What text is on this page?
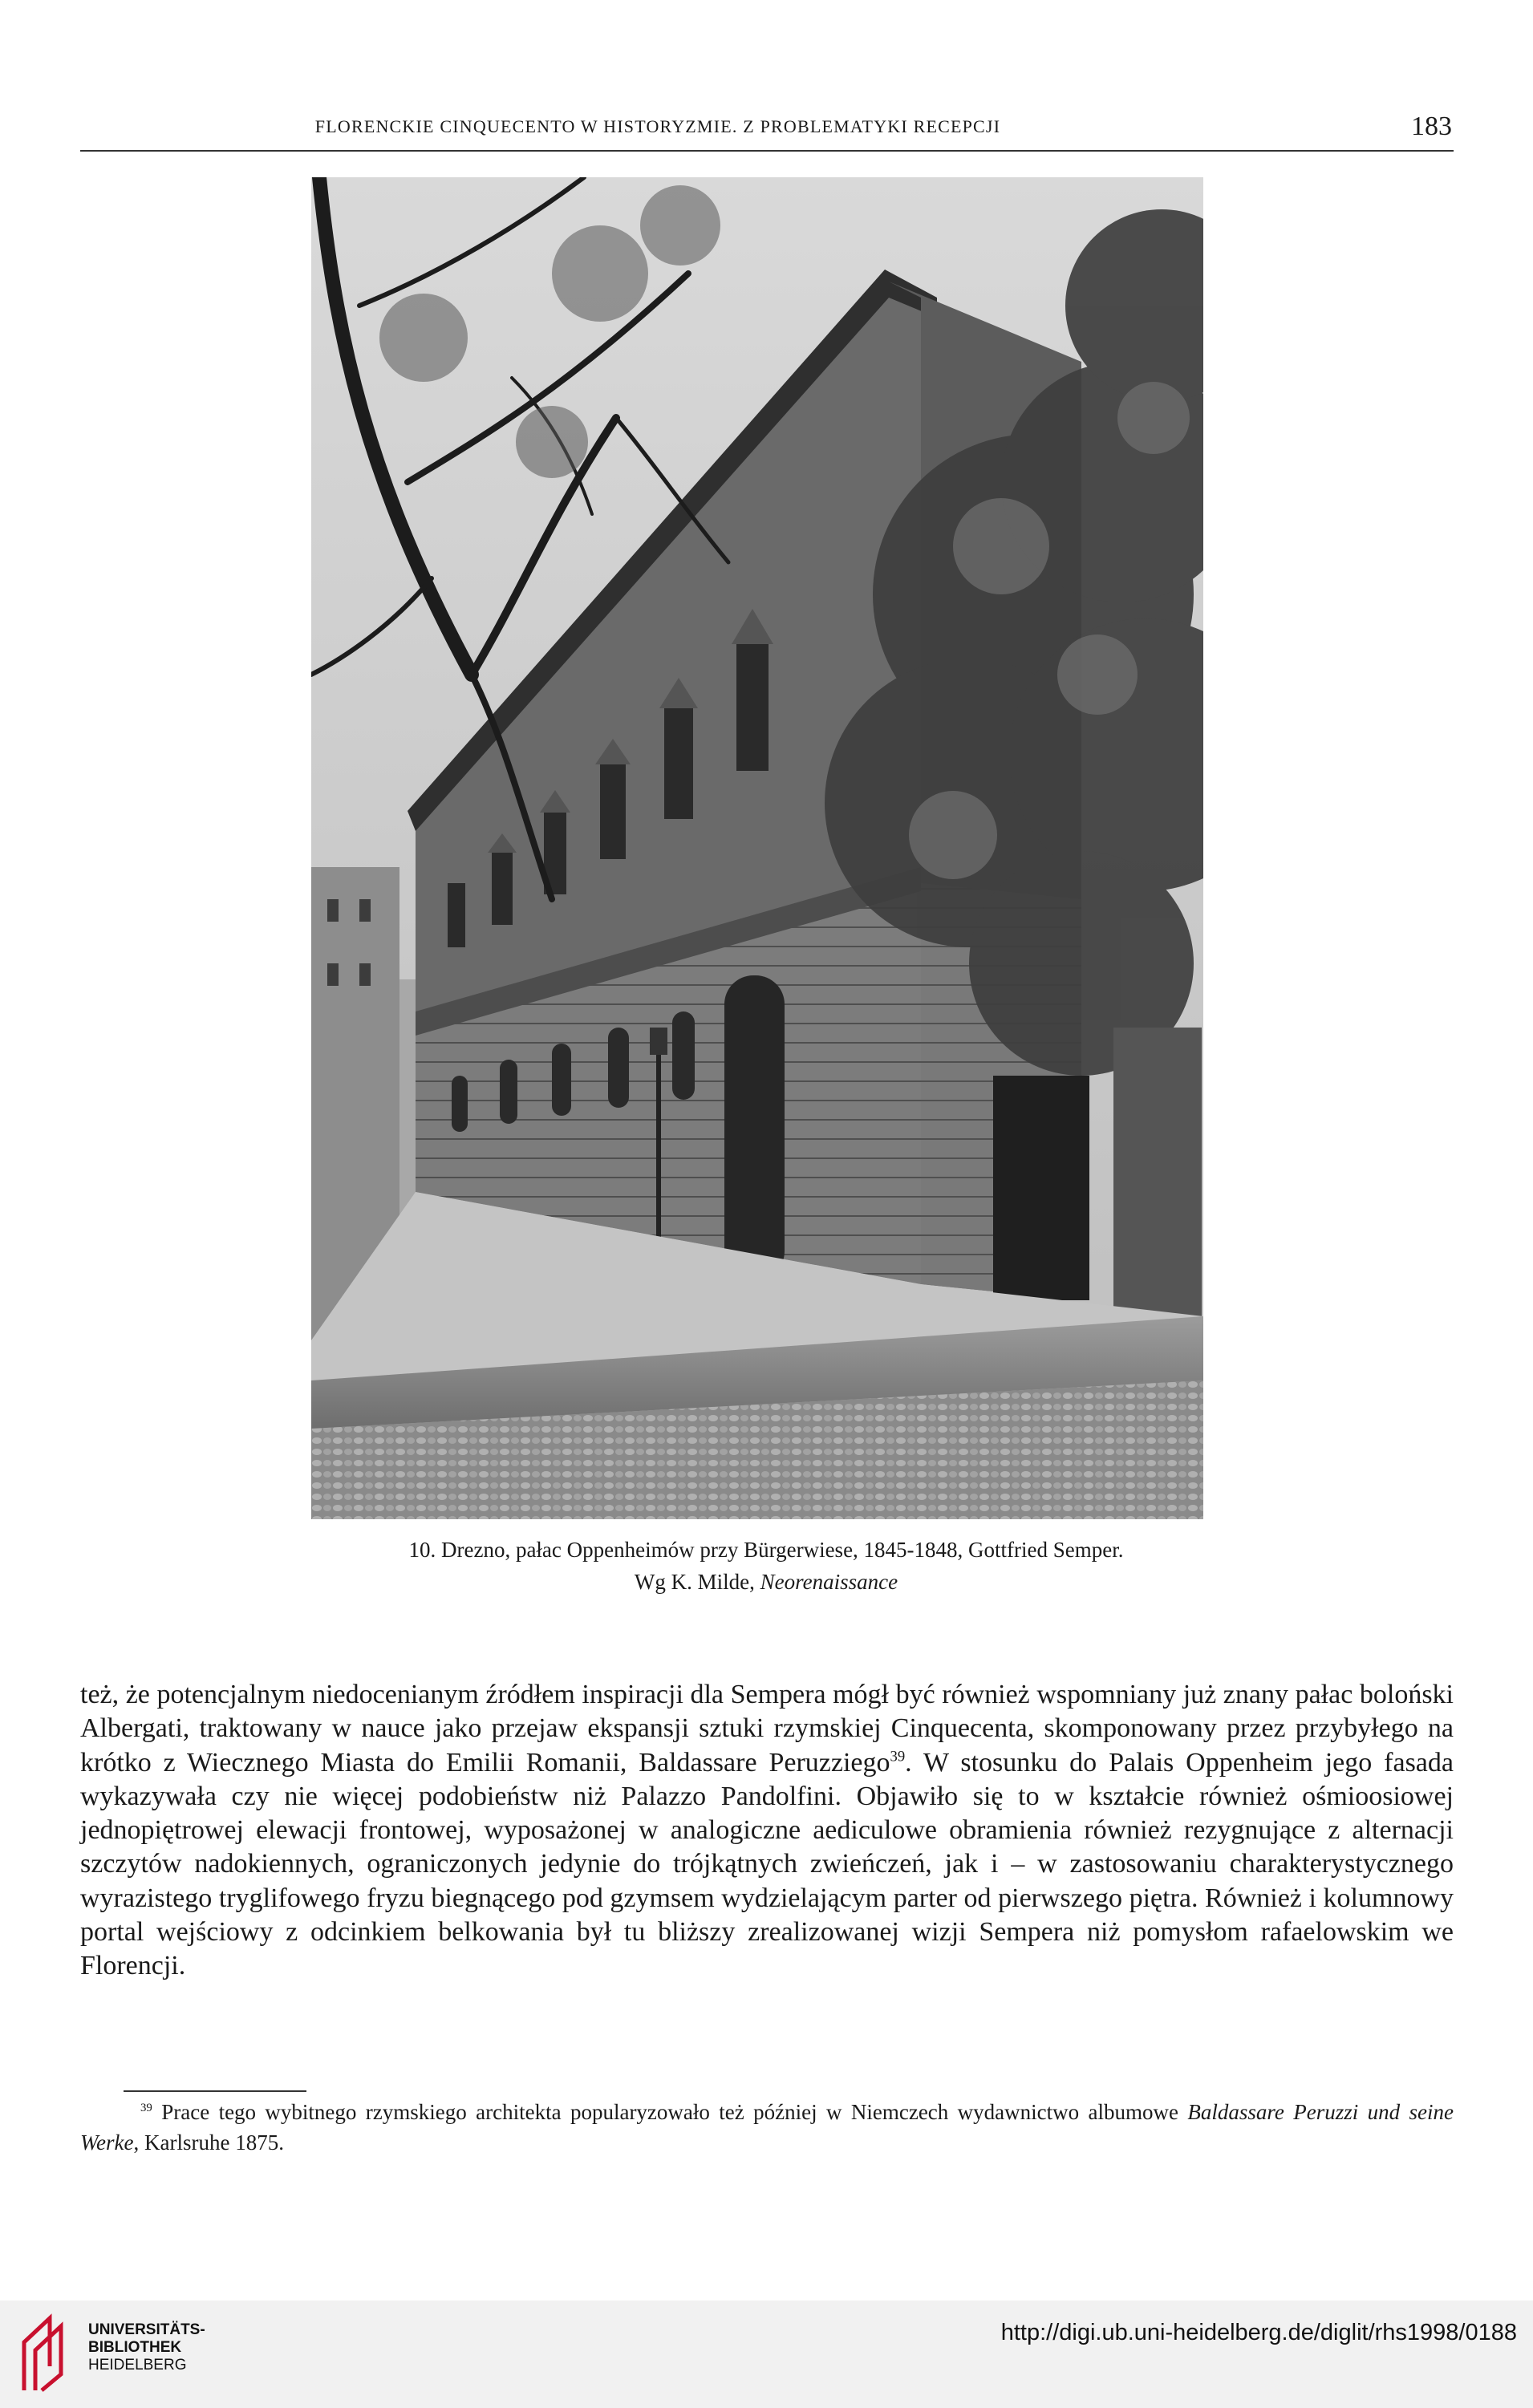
FLORENCKIE CINQUECENTO W HISTORYZMIE. Z PROBLEMATYKI RECEPCJI	183
10. Drezno, pałac Oppenheimów przy Bürgerwiese, 1845-1848, Gottfried Semper.
Wg K. Milde, Neorenaissance
też, że potencjalnym niedocenianym źródłem inspiracji dla Sempera mógł być również wspomniany już znany pałac boloński Albergati, traktowany w nauce jako przejaw ekspansji sztuki rzymskiej Cinquecenta, skomponowany przez przybyłego na krótko z Wiecznego Miasta do Emilii Romanii, Baldassare Peruzziego$^{39}$. W stosunku do Palais Oppenheim jego fasada wykazywała czy nie więcej podobieństw niż Palazzo Pandolfini. Objawiło się to w kształcie również ośmioosiowej jednopiętrowej elewacji frontowej, wyposażonej w analogiczne aediculowe obramienia również rezygnujące z alternacji szczytów nadokiennych, ograniczonych jedynie do trójkątnych zwieńczeń, jak i – w zastosowaniu charakterystycznego wyrazistego tryglifowego fryzu biegnącego pod gzymsem wydzielającym parter od pierwszego piętra. Również i kolumnowy portal wejściowy z odcinkiem belkowania był tu bliższy zrealizowanej wizji Sempera niż pomysłom rafaelowskim we Florencji.
$^{39}$ Prace tego wybitnego rzymskiego architekta popularyzowało też później w Niemczech wydawnictwo albumowe Baldassare Peruzzi und seine Werke, Karlsruhe 1875.
UNIVERSITÄTS-
BIBLIOTHEK
HEIDELBERG
http://digi.ub.uni-heidelberg.de/diglit/rhs1998/0188
